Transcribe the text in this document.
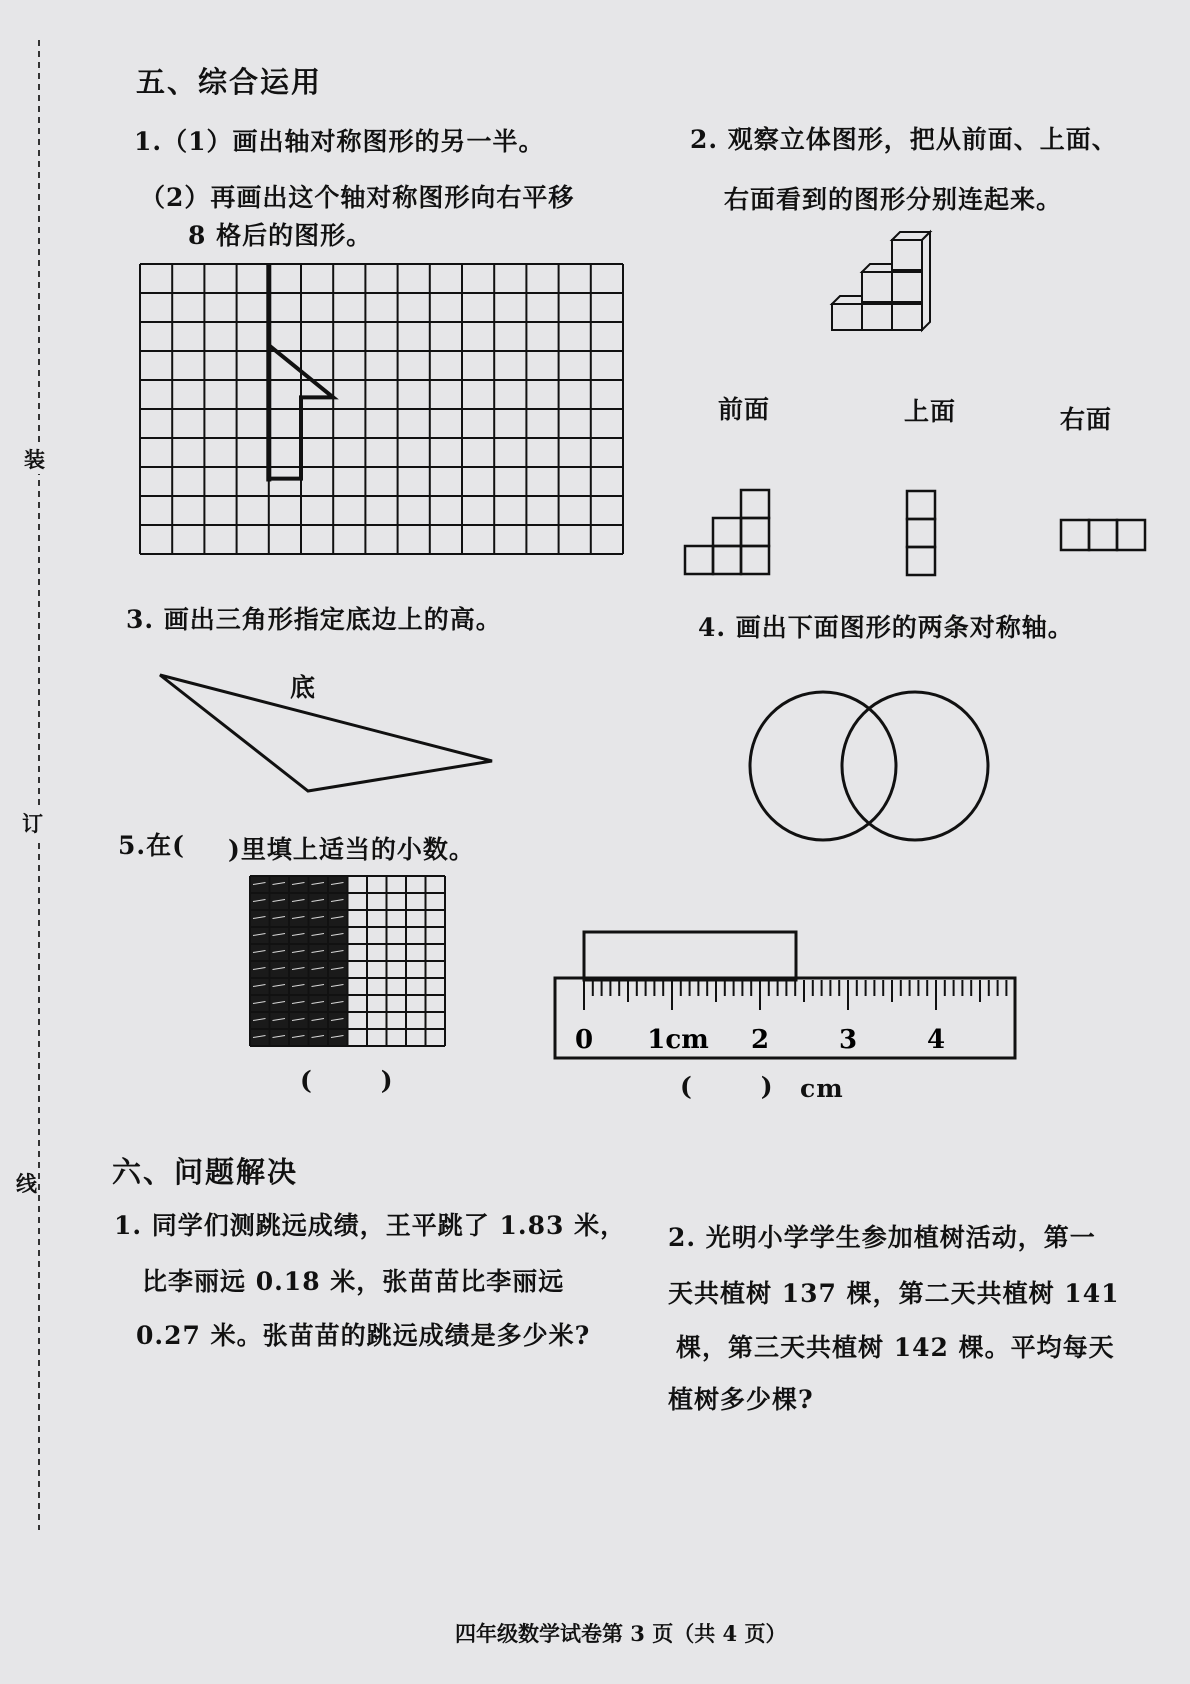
装
订
线
五、综合运用
1.（1）画出轴对称图形的另一半。
（2）再画出这个轴对称图形向右平移
8 格后的图形。
2. 观察立体图形，把从前面、上面、
右面看到的图形分别连起来。
前面	上面	右面
3. 画出三角形指定底边上的高。
底
4. 画出下面图形的两条对称轴。
5.在( )里填上适当的小数。
(       )
0 1cm 2	3	4
(       ) cm
六、问题解决
1. 同学们测跳远成绩，王平跳了 1.83 米，
比李丽远 0.18 米，张苗苗比李丽远
0.27 米。张苗苗的跳远成绩是多少米?
2. 光明小学学生参加植树活动，第一
天共植树 137 棵，第二天共植树 141
棵，第三天共植树 142 棵。平均每天
植树多少棵?
四年级数学试卷第 3 页（共 4 页）
